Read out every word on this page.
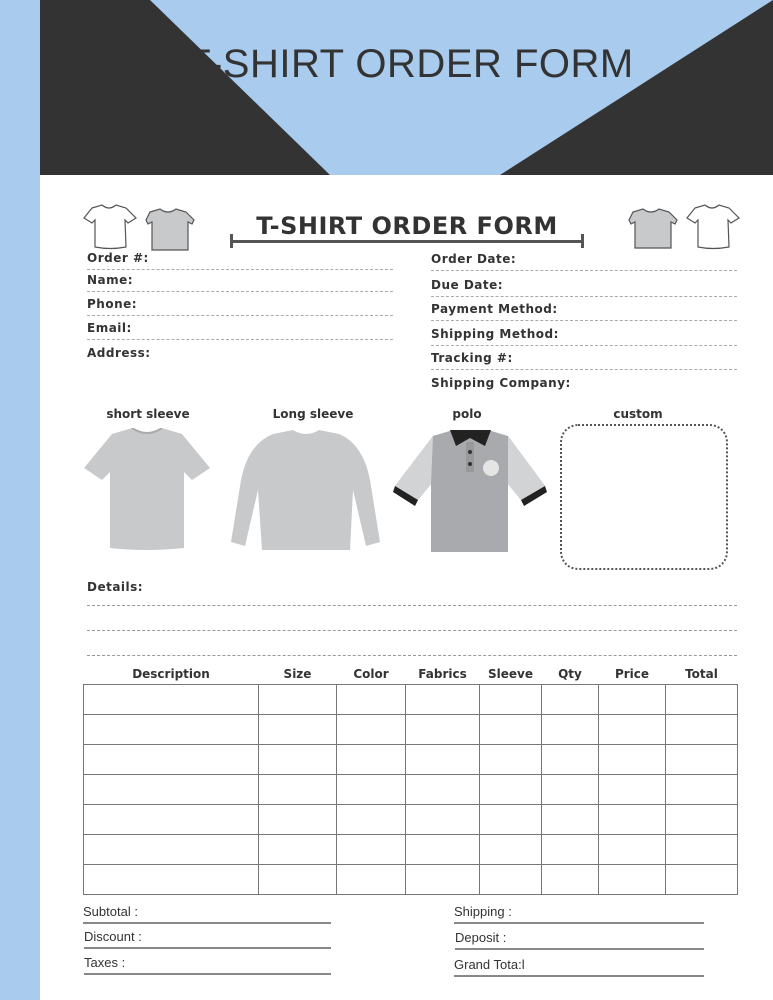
T-SHIRT ORDER FORM
T-SHIRT ORDER FORM
Order #:
Name:
Phone:
Email:
Address:
Order Date:
Due Date:
Payment Method:
Shipping Method:
Tracking #:
Shipping Company:
short sleeve	Long sleeve	polo	custom
Details:
Description	Size	Color	Fabrics	Sleeve	Qty	Price	Total

Subtotal :
Discount :
Taxes :
Shipping :
Deposit :
Grand Tota:l
